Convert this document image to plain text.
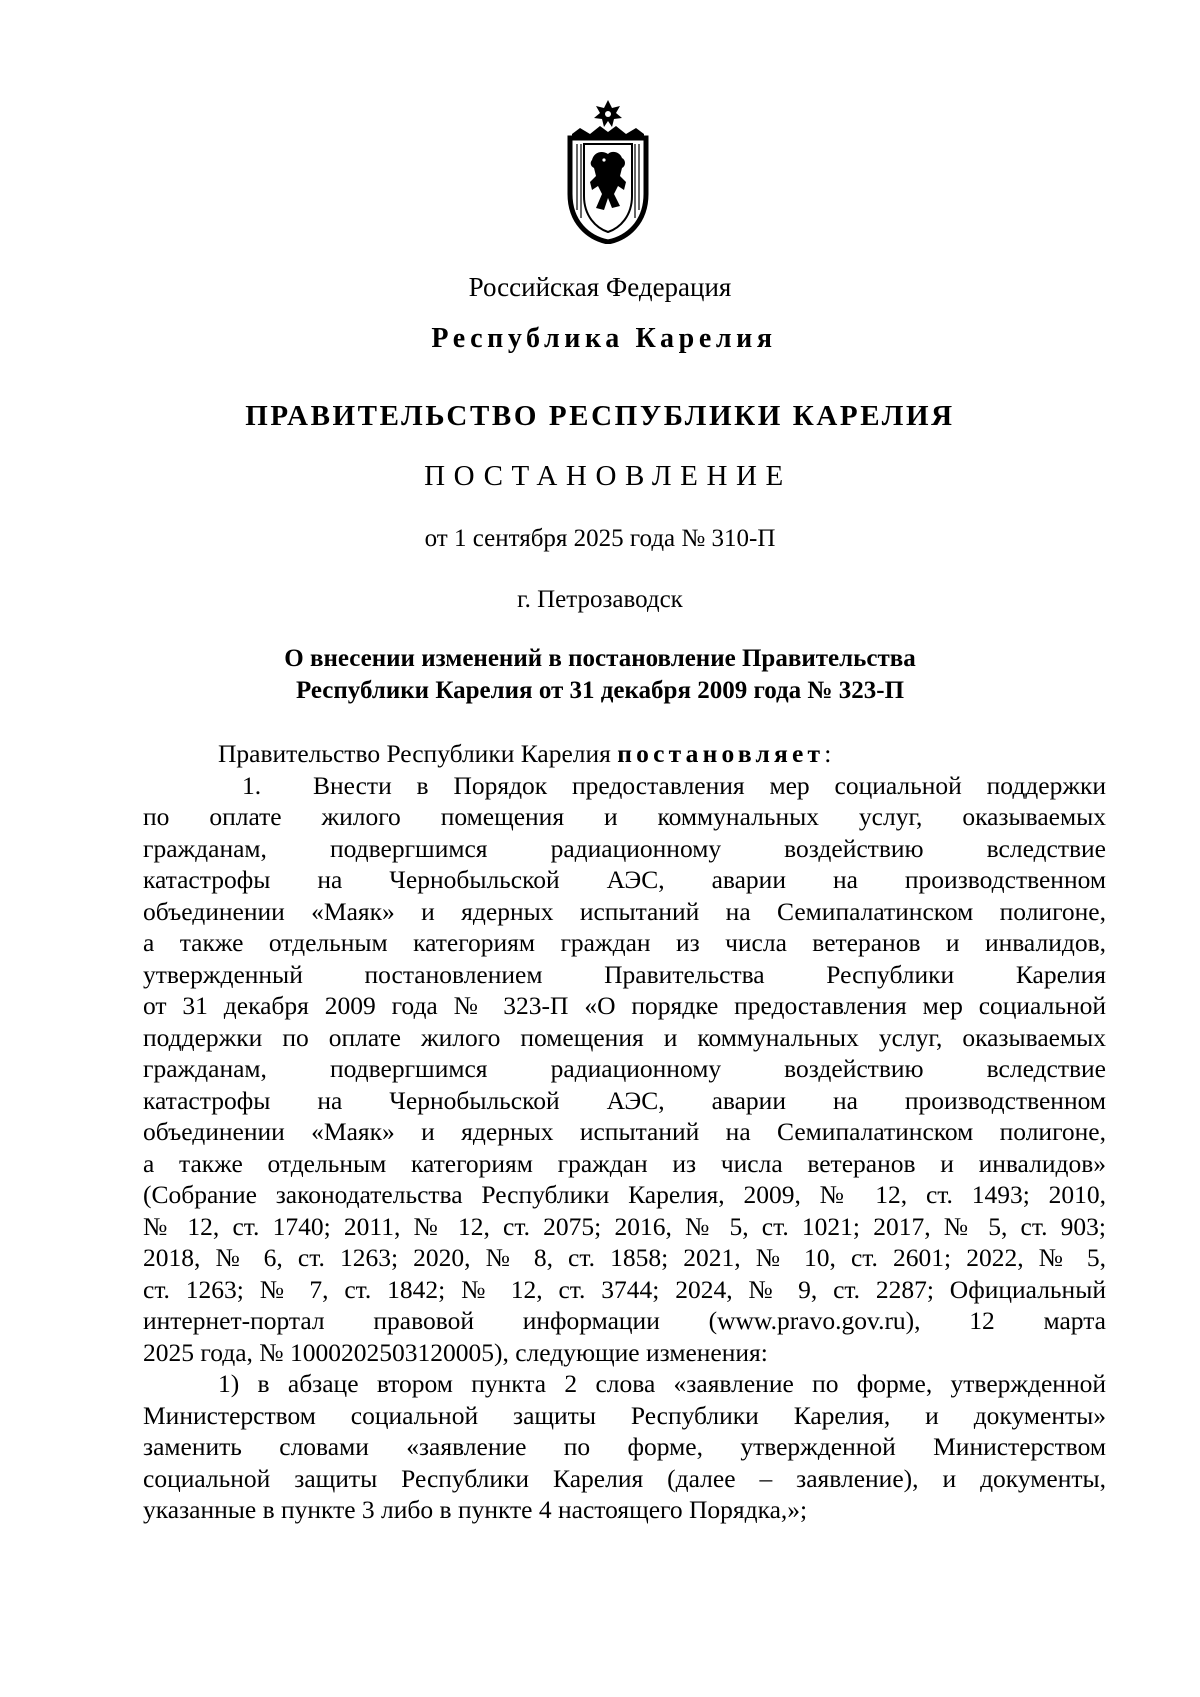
Российская Федерация
Республика Карелия
ПРАВИТЕЛЬСТВО РЕСПУБЛИКИ КАРЕЛИЯ
ПОСТАНОВЛЕНИЕ
от 1 сентября 2025 года № 310-П
г. Петрозаводск
О внесении изменений в постановление Правительства
Республики Карелия от 31 декабря 2009 года № 323-П
Правительство Республики Карелия постановляет:
1. Внести в Порядок предоставления мер социальной поддержки
по оплате жилого помещения и коммунальных услуг, оказываемых
гражданам, подвергшимся радиационному воздействию вследствие
катастрофы на Чернобыльской АЭС, аварии на производственном
объединении «Маяк» и ядерных испытаний на Семипалатинском полигоне,
а также отдельным категориям граждан из числа ветеранов и инвалидов,
утвержденный постановлением Правительства Республики Карелия
от 31 декабря 2009 года № 323-П «О порядке предоставления мер социальной
поддержки по оплате жилого помещения и коммунальных услуг, оказываемых
гражданам, подвергшимся радиационному воздействию вследствие
катастрофы на Чернобыльской АЭС, аварии на производственном
объединении «Маяк» и ядерных испытаний на Семипалатинском полигоне,
а также отдельным категориям граждан из числа ветеранов и инвалидов»
(Собрание законодательства Республики Карелия, 2009, № 12, ст. 1493; 2010,
№ 12, ст. 1740; 2011, № 12, ст. 2075; 2016, № 5, ст. 1021; 2017, № 5, ст. 903;
2018, № 6, ст. 1263; 2020, № 8, ст. 1858; 2021, № 10, ст. 2601; 2022, № 5,
ст. 1263; № 7, ст. 1842; № 12, ст. 3744; 2024, № 9, ст. 2287; Официальный
интернет-портал правовой информации (www.pravo.gov.ru), 12 марта
2025 года, № 1000202503120005), следующие изменения:
1) в абзаце втором пункта 2 слова «заявление по форме, утвержденной
Министерством социальной защиты Республики Карелия, и документы»
заменить словами «заявление по форме, утвержденной Министерством
социальной защиты Республики Карелия (далее – заявление), и документы,
указанные в пункте 3 либо в пункте 4 настоящего Порядка,»;
